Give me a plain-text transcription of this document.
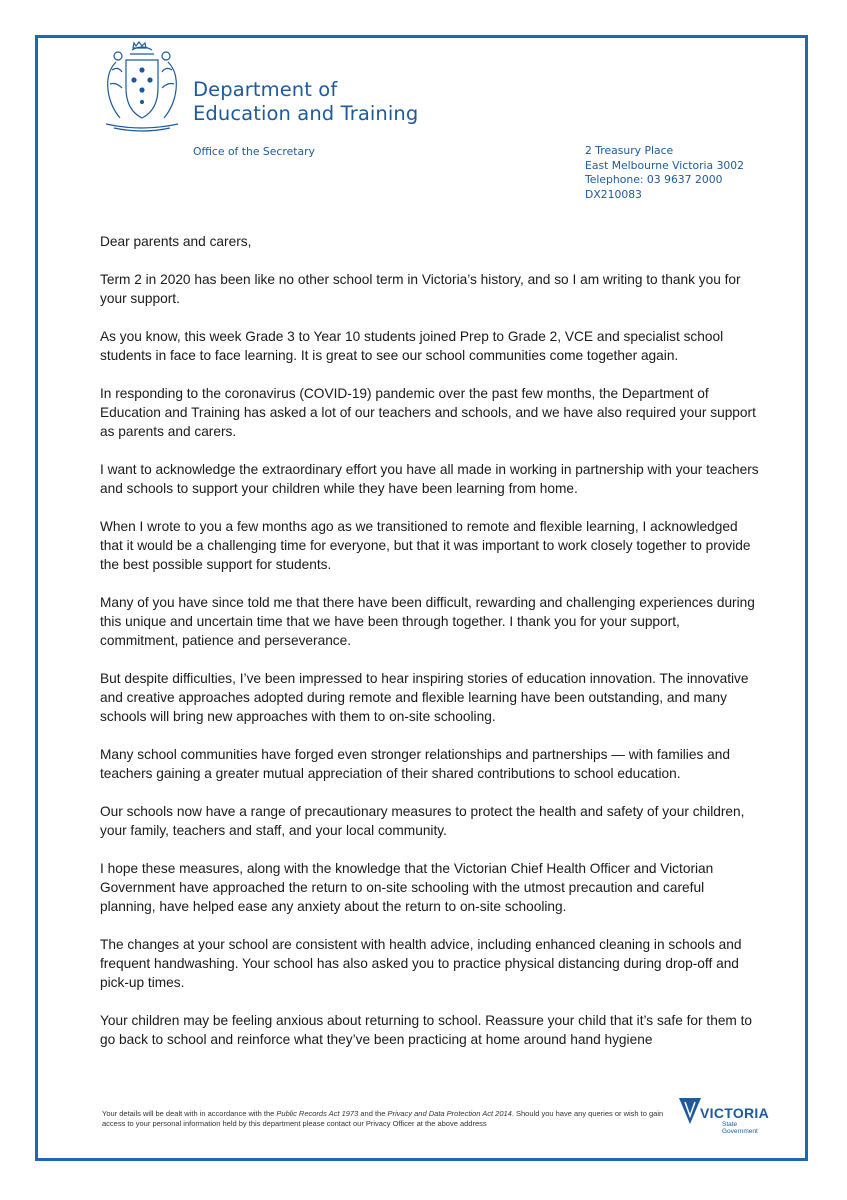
Department of
Education and Training
Office of the Secretary	2 Treasury Place
East Melbourne Victoria 3002
Telephone: 03 9637 2000
DX210083

Dear parents and carers,

Term 2 in 2020 has been like no other school term in Victoria’s history, and so I am writing to thank you for your support.

As you know, this week Grade 3 to Year 10 students joined Prep to Grade 2, VCE and specialist school students in face to face learning. It is great to see our school communities come together again.

In responding to the coronavirus (COVID-19) pandemic over the past few months, the Department of Education and Training has asked a lot of our teachers and schools, and we have also required your support as parents and carers.

I want to acknowledge the extraordinary effort you have all made in working in partnership with your teachers and schools to support your children while they have been learning from home.

When I wrote to you a few months ago as we transitioned to remote and flexible learning, I acknowledged that it would be a challenging time for everyone, but that it was important to work closely together to provide the best possible support for students.

Many of you have since told me that there have been difficult, rewarding and challenging experiences during this unique and uncertain time that we have been through together. I thank you for your support, commitment, patience and perseverance.

But despite difficulties, I’ve been impressed to hear inspiring stories of education innovation. The innovative and creative approaches adopted during remote and flexible learning have been outstanding, and many schools will bring new approaches with them to on-site schooling.

Many school communities have forged even stronger relationships and partnerships — with families and teachers gaining a greater mutual appreciation of their shared contributions to school education.

Our schools now have a range of precautionary measures to protect the health and safety of your children, your family, teachers and staff, and your local community.

I hope these measures, along with the knowledge that the Victorian Chief Health Officer and Victorian Government have approached the return to on-site schooling with the utmost precaution and careful planning, have helped ease any anxiety about the return to on-site schooling.

The changes at your school are consistent with health advice, including enhanced cleaning in schools and frequent handwashing. Your school has also asked you to practice physical distancing during drop-off and pick-up times.

Your children may be feeling anxious about returning to school. Reassure your child that it’s safe for them to go back to school and reinforce what they’ve been practicing at home around hand hygiene

Your details will be dealt with in accordance with the Public Records Act 1973 and the Privacy and Data Protection Act 2014. Should you have any queries or wish to gain access to your personal information held by this department please contact our Privacy Officer at the above address
VICTORIA
State
Government
